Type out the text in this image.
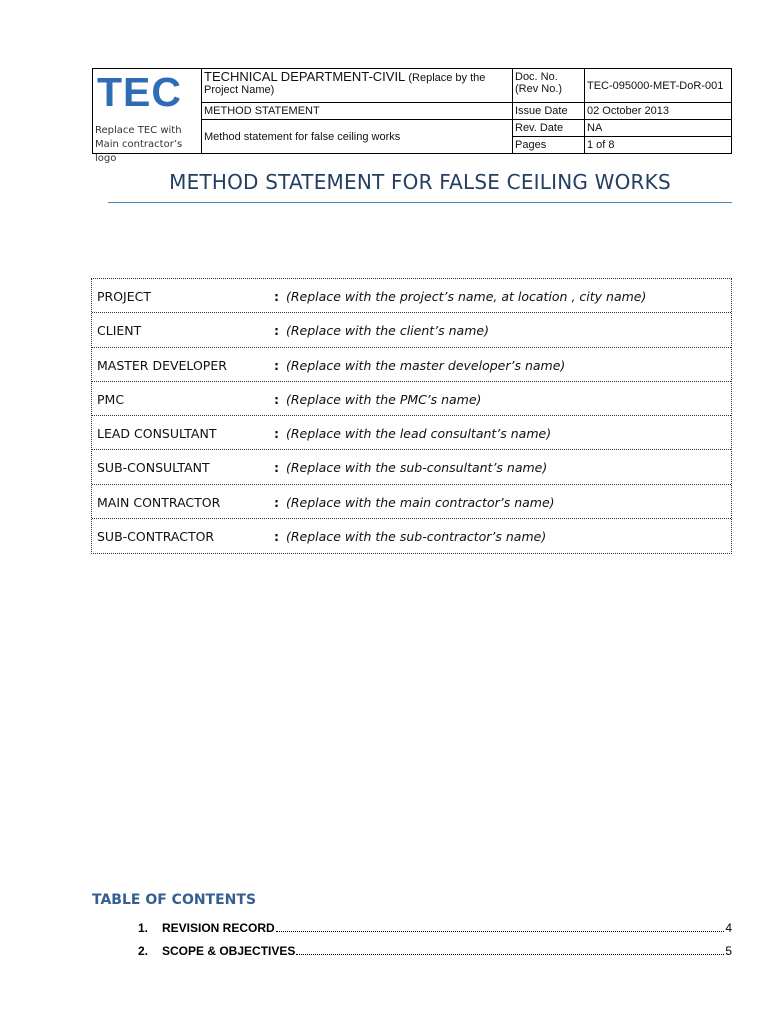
TEC
Replace TEC with
Main contractor’s logo
TECHNICAL DEPARTMENT-CIVIL (Replace by the Project Name)
Doc. No. (Rev No.)	TEC-095000-MET-DoR-001
METHOD STATEMENT	Issue Date	02 October 2013
Method statement for false ceiling works
Rev. Date	NA
Pages	1 of 8
METHOD STATEMENT FOR FALSE CEILING WORKS
PROJECT	: (Replace with the project’s name, at location , city name)
CLIENT	: (Replace with the client’s name)
MASTER DEVELOPER	: (Replace with the master developer’s name)
PMC	: (Replace with the PMC’s name)
LEAD CONSULTANT	: (Replace with the lead consultant’s name)
SUB-CONSULTANT	: (Replace with the sub-consultant’s name)
MAIN CONTRACTOR	: (Replace with the main contractor’s name)
SUB-CONTRACTOR	: (Replace with the sub-contractor’s name)
TABLE OF CONTENTS
1.	REVISION RECORD	4
2.	SCOPE & OBJECTIVES	5
